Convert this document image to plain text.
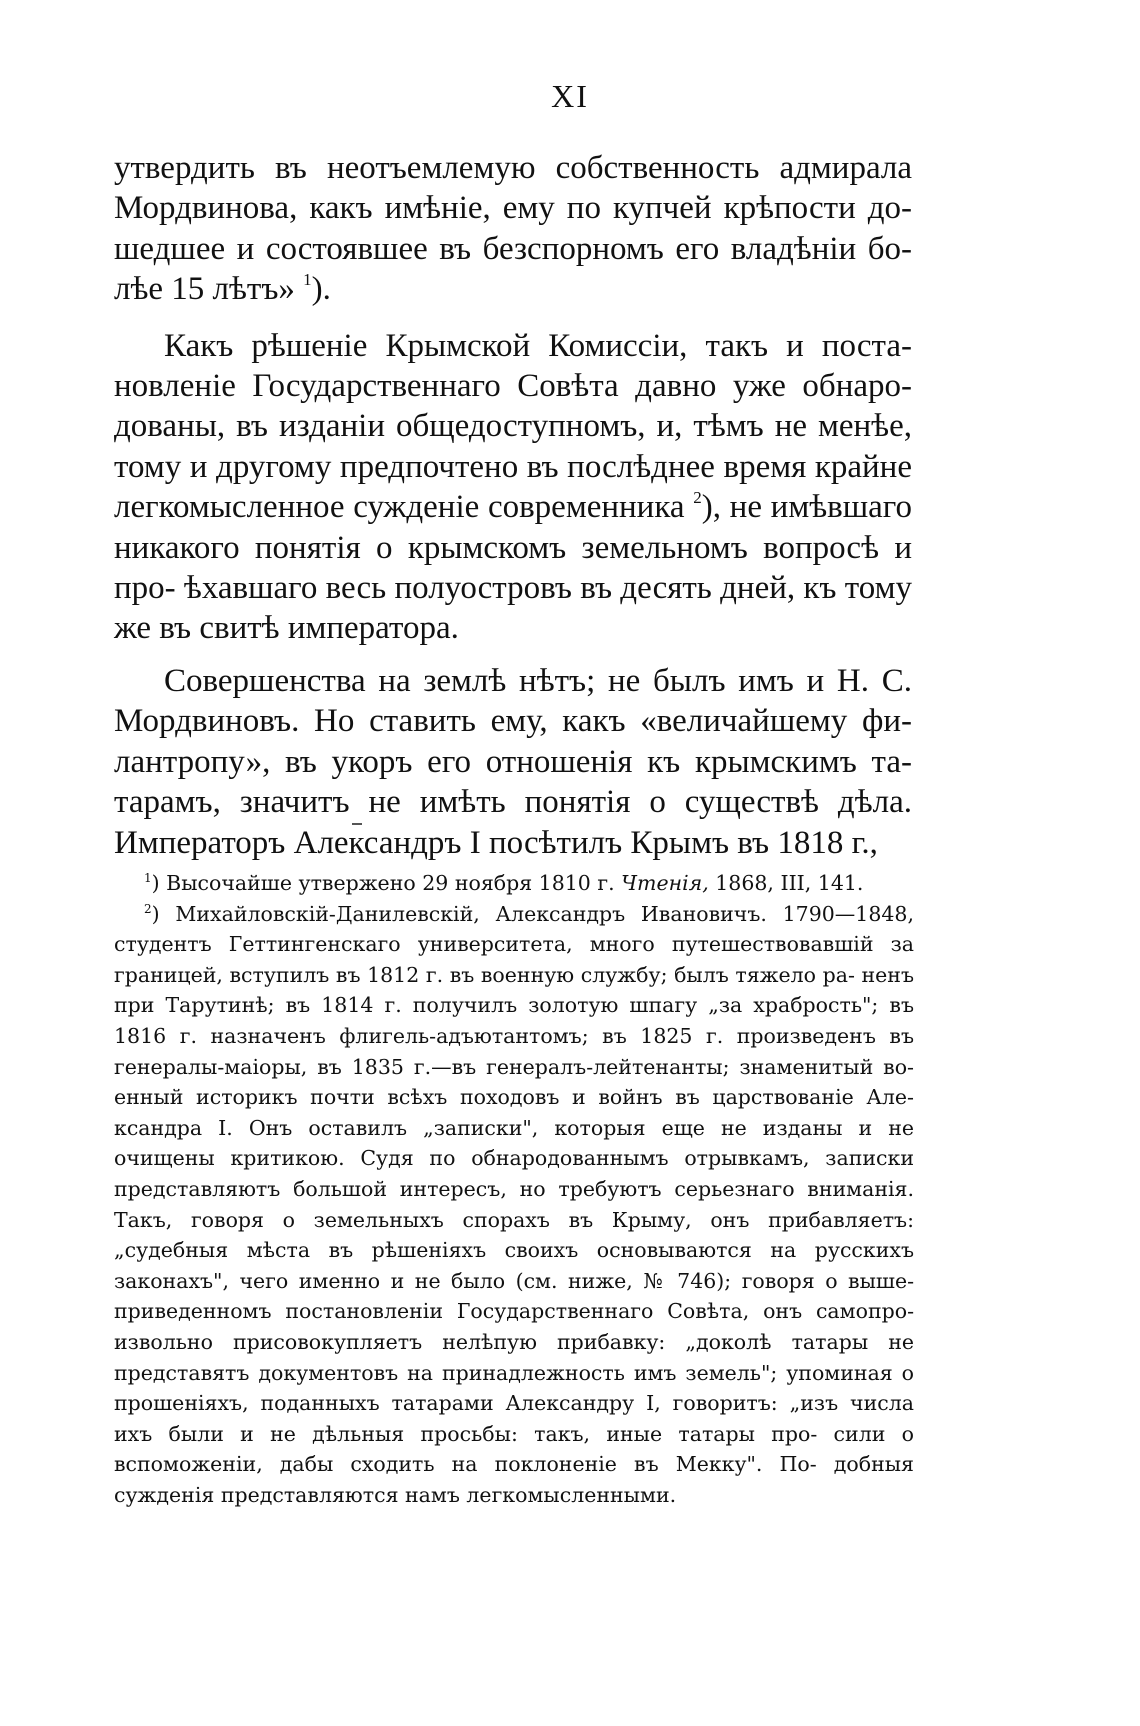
XI

утвердить въ неотъемлемую собственность адмирала Мордвинова, какъ имѣніе, ему по купчей крѣпости до- шедшее и состоявшее въ безспорномъ его владѣніи бо- лѣе 15 лѣтъ» $^1$).

Какъ рѣшеніе Крымской Комиссіи, такъ и поста- новленіе Государственнаго Совѣта давно уже обнаро- дованы, въ изданіи общедоступномъ, и, тѣмъ не менѣе, тому и другому предпочтено въ послѣднее время крайне легкомысленное сужденіе современника $^2$), не имѣвшаго никакого понятія о крымскомъ земельномъ вопросѣ и про- ѣхавшаго весь полуостровъ въ десять дней, къ тому же въ свитѣ императора.

Совершенства на землѣ нѣтъ; не былъ имъ и Н. С. Мордвиновъ. Но ставить ему, какъ «величайшему фи- лантропу», въ укоръ его отношенія къ крымскимъ та- тарамъ, значитъ не имѣть понятія о существѣ дѣла. Императоръ Александръ I посѣтилъ Крымъ въ 1818 г.,

$^1$) Высочайше утвержено 29 ноября 1810 г. Чтенія, 1868, III, 141.

$^2$) Михайловскій-Данилевскій, Александръ Ивановичъ. 1790—1848, студентъ Геттингенскаго университета, много путешествовавшій за границей, вступилъ въ 1812 г. въ военную службу; былъ тяжело ра- ненъ при Тарутинѣ; въ 1814 г. получилъ золотую шпагу „за храбрость"; въ 1816 г. назначенъ флигель-адъютантомъ; въ 1825 г. произведенъ въ генералы-маіоры, въ 1835 г.—въ генералъ-лейтенанты; знаменитый во- енный историкъ почти всѣхъ походовъ и войнъ въ царствованіе Але- ксандра I. Онъ оставилъ „записки", которыя еще не изданы и не очищены критикою. Судя по обнародованнымъ отрывкамъ, записки представляютъ большой интересъ, но требуютъ серьезнаго вниманія. Такъ, говоря о земельныхъ спорахъ въ Крыму, онъ прибавляетъ: „судебныя мѣста въ рѣшеніяхъ своихъ основываются на русскихъ законахъ", чего именно и не было (см. ниже, № 746); говоря о выше- приведенномъ постановленіи Государственнаго Совѣта, онъ самопро- извольно присовокупляетъ нелѣпую прибавку: „доколѣ татары не представятъ документовъ на принадлежность имъ земель"; упоминая о прошеніяхъ, поданныхъ татарами Александру I, говоритъ: „изъ числа ихъ были и не дѣльныя просьбы: такъ, иные татары про- сили о вспоможеніи, дабы сходить на поклоненіе въ Мекку". По- добныя сужденія представляются намъ легкомысленными.
